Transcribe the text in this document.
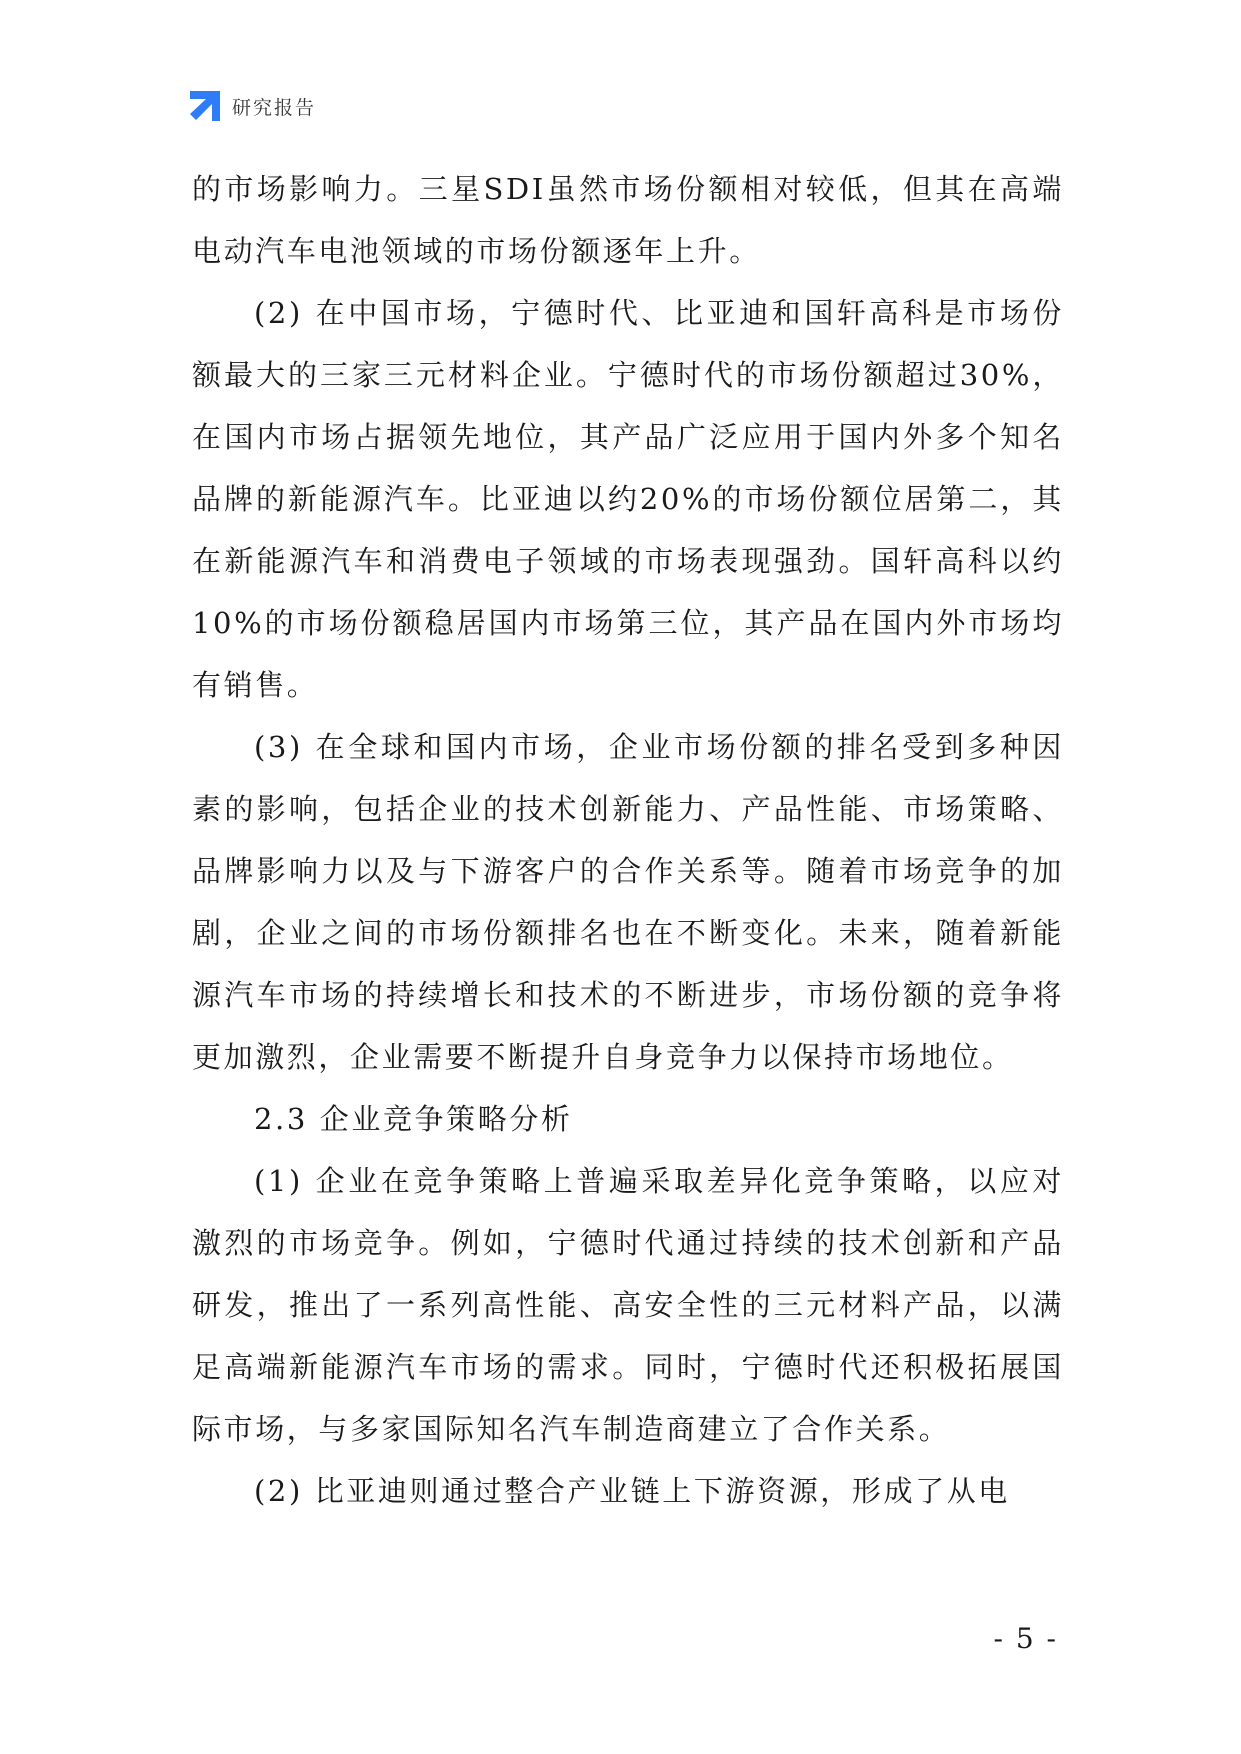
研究报告

的市场影响力。三星SDI虽然市场份额相对较低，但其在高端电动汽车电池领域的市场份额逐年上升。

(2) 在中国市场，宁德时代、比亚迪和国轩高科是市场份额最大的三家三元材料企业。宁德时代的市场份额超过30%，在国内市场占据领先地位，其产品广泛应用于国内外多个知名品牌的新能源汽车。比亚迪以约20%的市场份额位居第二，其在新能源汽车和消费电子领域的市场表现强劲。国轩高科以约10%的市场份额稳居国内市场第三位，其产品在国内外市场均有销售。

(3) 在全球和国内市场，企业市场份额的排名受到多种因素的影响，包括企业的技术创新能力、产品性能、市场策略、品牌影响力以及与下游客户的合作关系等。随着市场竞争的加剧，企业之间的市场份额排名也在不断变化。未来，随着新能源汽车市场的持续增长和技术的不断进步，市场份额的竞争将更加激烈，企业需要不断提升自身竞争力以保持市场地位。

2.3 企业竞争策略分析

(1) 企业在竞争策略上普遍采取差异化竞争策略，以应对激烈的市场竞争。例如，宁德时代通过持续的技术创新和产品研发，推出了一系列高性能、高安全性的三元材料产品，以满足高端新能源汽车市场的需求。同时，宁德时代还积极拓展国际市场，与多家国际知名汽车制造商建立了合作关系。

(2) 比亚迪则通过整合产业链上下游资源，形成了从电

- 5 -
